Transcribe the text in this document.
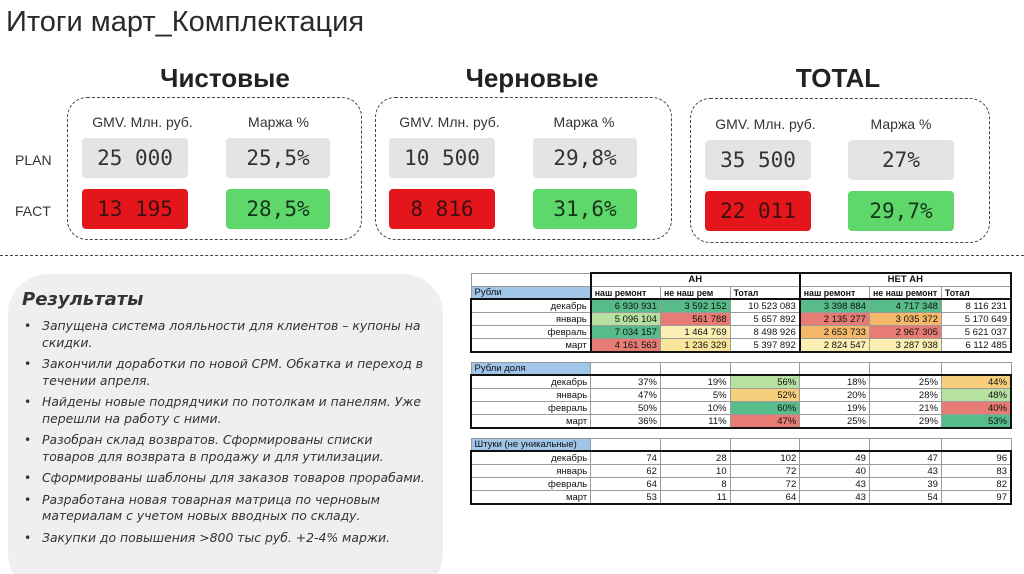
Итоги март_Комплектация
Чистовые	Черновые	TOTAL
PLAN
FACT
GMV. Млн. руб.	Маржа %
25 000	25,5%
13 195	28,5%
GMV. Млн. руб.	Маржа %
10 500	29,8%
8 816	31,6%
GMV. Млн. руб.	Маржа %
35 500	27%
22 011	29,7%
Результаты
• Запущена система лояльности для клиентов – купоны на скидки.
• Закончили доработки по новой CPM. Обкатка и переход в течении апреля.
• Найдены новые подрядчики по потолкам и панелям. Уже перешли на работу с ними.
• Разобран склад возвратов. Сформированы списки товаров для возврата в продажу и для утилизации.
• Сформированы шаблоны для заказов товаров прорабами.
• Разработана новая товарная матрица по черновым материалам с учетом новых вводных по складу.
• Закупки до повышения >800 тыс руб. +2-4% маржи.
	АН			НЕТ АН		
Рубли	наш ремонт	не наш рем	Тотал	наш ремонт	не наш ремонт	Тотал
декабрь	6 930 931	3 592 152	10 523 083	3 398 884	4 717 348	8 116 231
январь	5 096 104	561 788	5 657 892	2 135 277	3 035 372	5 170 649
февраль	7 034 157	1 464 769	8 498 926	2 653 733	2 967 305	5 621 037
март	4 161 563	1 236 329	5 397 892	2 824 547	3 287 938	6 112 485

Рубли доля						
декабрь	37%	19%	56%	18%	25%	44%
январь	47%	5%	52%	20%	28%	48%
февраль	50%	10%	60%	19%	21%	40%
март	36%	11%	47%	25%	29%	53%

Штуки (не уникальные)						
декабрь	74	28	102	49	47	96
январь	62	10	72	40	43	83
февраль	64	8	72	43	39	82
март	53	11	64	43	54	97
